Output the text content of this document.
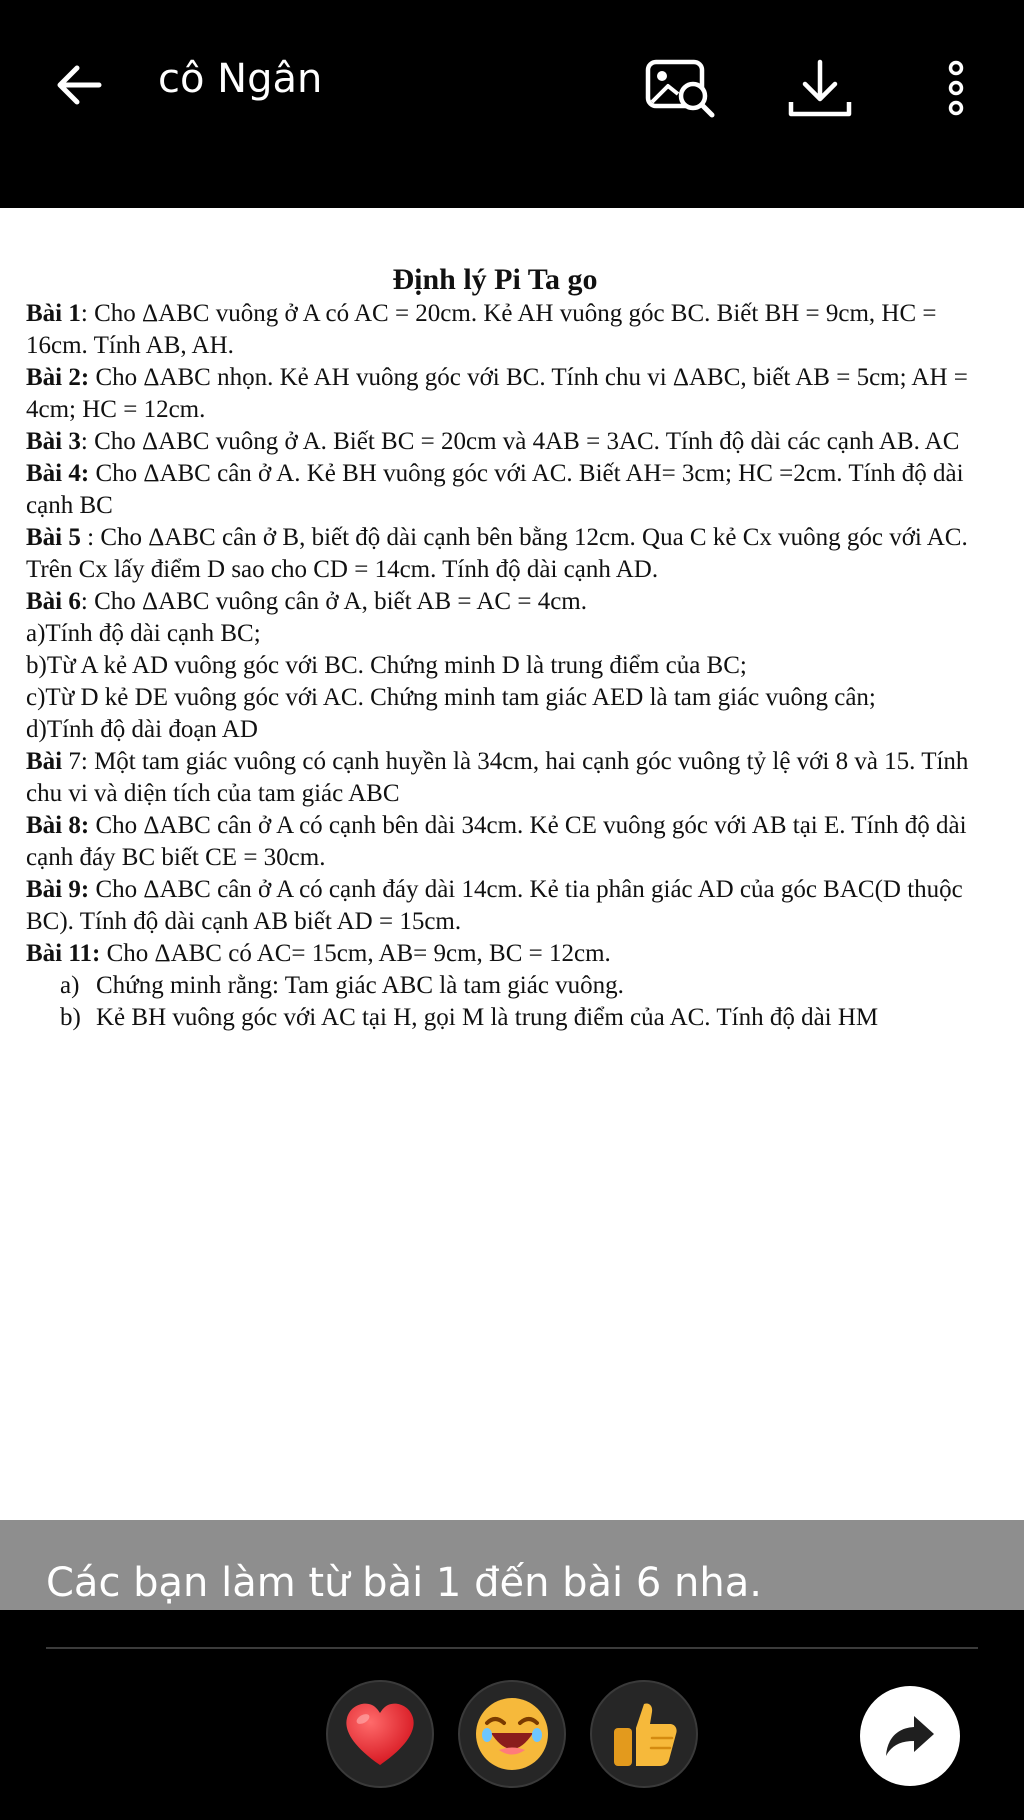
cô Ngân
Định lý Pi Ta go

Bài 1: Cho ΔABC vuông ở A có AC = 20cm. Kẻ AH vuông góc BC. Biết BH = 9cm, HC = 16cm. Tính AB, AH.

Bài 2: Cho ΔABC nhọn. Kẻ AH vuông góc với BC. Tính chu vi ΔABC, biết AB = 5cm; AH = 4cm; HC = 12cm.

Bài 3: Cho ΔABC vuông ở A. Biết BC = 20cm và 4AB = 3AC. Tính độ dài các cạnh AB. AC

Bài 4: Cho ΔABC cân ở A. Kẻ BH vuông góc với AC. Biết AH= 3cm; HC =2cm. Tính độ dài cạnh BC

Bài 5 : Cho ΔABC cân ở B, biết độ dài cạnh bên bằng 12cm. Qua C kẻ Cx vuông góc với AC. Trên Cx lấy điểm D sao cho CD = 14cm. Tính độ dài cạnh AD.

Bài 6: Cho ΔABC vuông cân ở A, biết AB = AC = 4cm.

a)Tính độ dài cạnh BC;

b)Từ A kẻ AD vuông góc với BC. Chứng minh D là trung điểm của BC;

c)Từ D kẻ DE vuông góc với AC. Chứng minh tam giác AED là tam giác vuông cân;

d)Tính độ dài đoạn AD

Bài 7: Một tam giác vuông có cạnh huyền là 34cm, hai cạnh góc vuông tỷ lệ với 8 và 15. Tính chu vi và diện tích của tam giác ABC

Bài 8: Cho ΔABC cân ở A có cạnh bên dài 34cm. Kẻ CE vuông góc với AB tại E. Tính độ dài cạnh đáy BC biết CE = 30cm.

Bài 9: Cho ΔABC cân ở A có cạnh đáy dài 14cm. Kẻ tia phân giác AD của góc BAC(D thuộc BC). Tính độ dài cạnh AB biết AD = 15cm.

Bài 11: Cho ΔABC có AC= 15cm, AB= 9cm, BC = 12cm.

a) Chứng minh rằng: Tam giác ABC là tam giác vuông.
b) Kẻ BH vuông góc với AC tại H, gọi M là trung điểm của AC. Tính độ dài HM
Các bạn làm từ bài 1 đến bài 6 nha.
